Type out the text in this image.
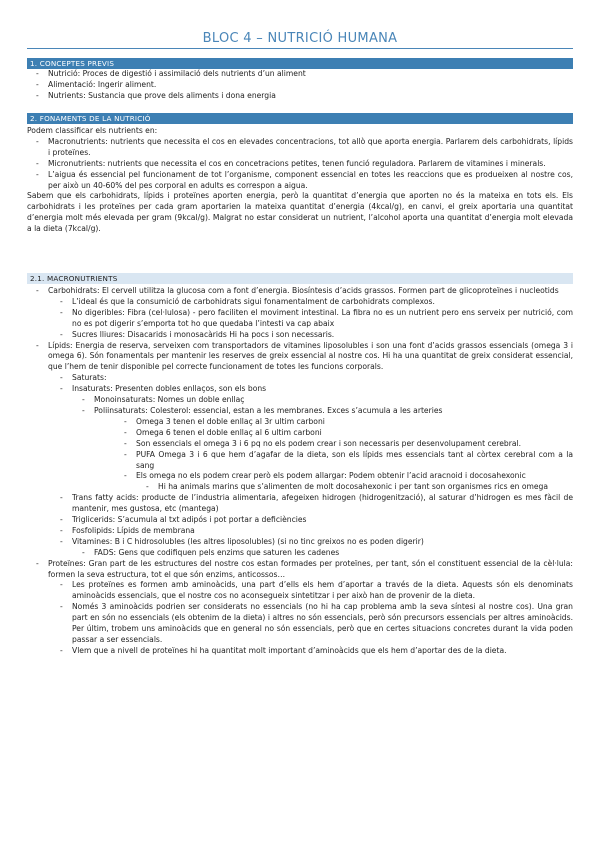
BLOC 4 – NUTRICIÓ HUMANA
1. CONCEPTES PREVIS
- Nutrició: Proces de digestió i assimilació dels nutrients d’un aliment
- Alimentació: Ingerir aliment.
- Nutrients: Sustancia que prove dels aliments i dona energia
2. FONAMENTS DE LA NUTRICIÓ

Podem classificar els nutrients en:

- Macronutrients: nutrients que necessita el cos en elevades concentracions, tot allò que aporta energia. Parlarem dels carbohidrats, lípids i proteïnes.
- Micronutrients: nutrients que necessita el cos en concetracions petites, tenen funció reguladora. Parlarem de vitamines i minerals.
- L’aigua és essencial pel funcionament de tot l’organisme, component essencial en totes les reaccions que es produeixen al nostre cos, per això un 40-60% del pes corporal en adults es correspon a aigua.

Sabem que els carbohidrats, lípids i proteïnes aporten energia, però la quantitat d’energia que aporten no és la mateixa en tots els. Els carbohidrats i les proteïnes per cada gram aportarien la mateixa quantitat d’energia (4kcal/g), en canvi, el greix aportaria una quantitat d’energia molt més elevada per gram (9kcal/g). Malgrat no estar considerat un nutrient, l’alcohol aporta una quantitat d’energia molt elevada a la dieta (7kcal/g).

2.1. MACRONUTRIENTS
- Carbohidrats: El cervell utilitza la glucosa com a font d’energia. Biosíntesis d’acids grassos. Formen part de glicoproteïnes i nucleotids
- L’ideal és que la consumició de carbohidrats sigui fonamentalment de carbohidrats complexos.
- No digeribles: Fibra (cel·lulosa) - pero faciliten el moviment intestinal. La fibra no es un nutrient pero ens serveix per nutrició, com no es pot digerir s’emporta tot ho que quedaba l’intesti va cap abaix
- Sucres lliures: Disacarids i monosacàrids Hi ha pocs i son necessaris.
- Lípids: Energia de reserva, serveixen com transportadors de vitamines liposolubles i son una font d’acids grassos essencials (omega 3 i omega 6). Són fonamentals per mantenir les reserves de greix essencial al nostre cos. Hi ha una quantitat de greix considerat essencial, que l’hem de tenir disponible pel correcte funcionament de totes les funcions corporals.
- Saturats:
- Insaturats: Presenten dobles enllaços, son els bons
- Monoinsaturats: Nomes un doble enllaç
- Poliinsaturats: Colesterol: essencial, estan a les membranes. Exces s’acumula a les arteries
- Omega 3 tenen el doble enllaç al 3r ultim carboni
- Omega 6 tenen el doble enllaç al 6 ultim carboni
- Son essencials el omega 3 i 6 pq no els podem crear i son necessaris per desenvolupament cerebral.
- PUFA Omega 3 i 6 que hem d’agafar de la dieta, son els lípids mes essencials tant al còrtex cerebral com a la sang
- Els omega no els podem crear però els podem allargar: Podem obtenir l’acid aracnoid i docosahexonic
- Hi ha animals marins que s’alimenten de molt docosahexonic i per tant son organismes rics en omega
- Trans fatty acids: producte de l’industria alimentaria, afegeixen hidrogen (hidrogenització), al saturar d’hidrogen es mes fàcil de mantenir, mes gustosa, etc (mantega)
- Triglicerids: S’acumula al txt adipós i pot portar a deficiències
- Fosfolipids: Lípids de membrana
- Vitamines: B i C hidrosolubles (les altres liposolubles) (si no tinc greixos no es poden digerir)
- FADS: Gens que codifiquen pels enzims que saturen les cadenes
- Proteïnes: Gran part de les estructures del nostre cos estan formades per proteïnes, per tant, són el constituent essencial de la cèl·lula: formen la seva estructura, tot el que són enzims, anticossos…
- Les proteïnes es formen amb aminoàcids, una part d’ells els hem d’aportar a través de la dieta. Aquests són els denominats aminoàcids essencials, que el nostre cos no aconsegueix sintetitzar i per això han de provenir de la dieta.
- Només 3 aminoàcids podrien ser considerats no essencials (no hi ha cap problema amb la seva síntesi al nostre cos). Una gran part en són no essencials (els obtenim de la dieta) i altres no són essencials, però són precursors essencials per altres aminoàcids. Per últim, trobem uns aminoàcids que en general no són essencials, però que en certes situacions concretes durant la vida poden passar a ser essencials.
- Vlem que a nivell de proteïnes hi ha quantitat molt important d’aminoàcids que els hem d’aportar des de la dieta.
